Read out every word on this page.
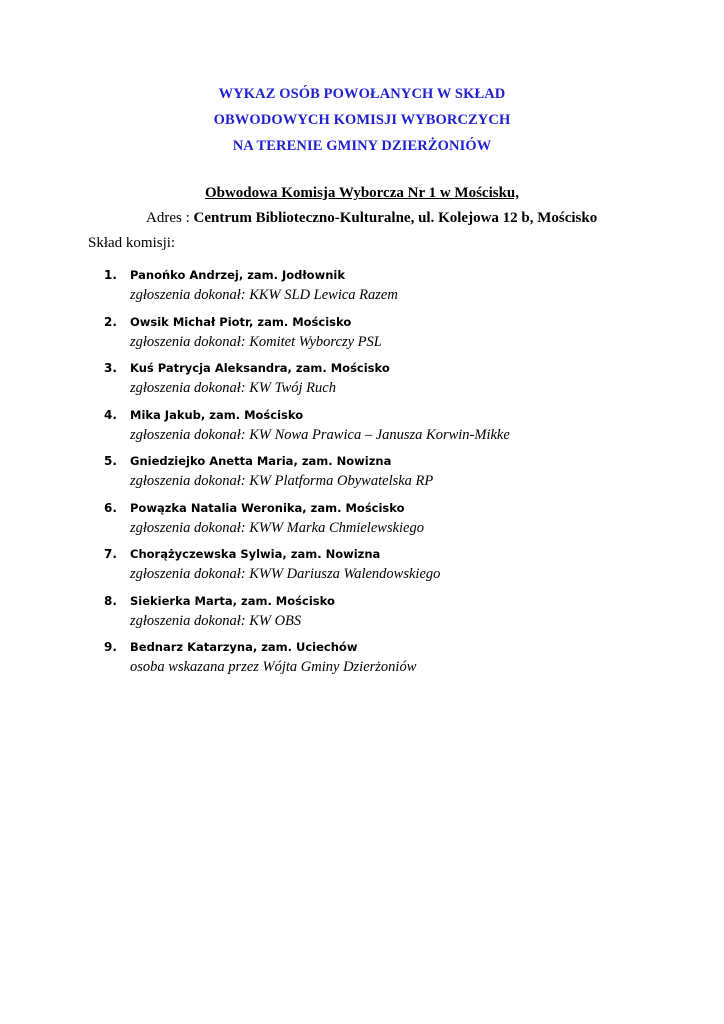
WYKAZ OSÓB POWOŁANYCH W SKŁAD
OBWODOWYCH KOMISJI WYBORCZYCH
NA TERENIE GMINY DZIERŻONIÓW
Obwodowa Komisja Wyborcza Nr 1 w Mościsku,
Adres : Centrum Biblioteczno-Kulturalne, ul. Kolejowa 12 b, Mościsko
Skład komisji:
1.	Panońko Andrzej, zam. Jodłownik
zgłoszenia dokonał: KKW SLD Lewica Razem
2.	Owsik Michał Piotr, zam. Mościsko
zgłoszenia dokonał: Komitet Wyborczy PSL
3.	Kuś Patrycja Aleksandra, zam. Mościsko
zgłoszenia dokonał: KW Twój Ruch
4.	Mika Jakub, zam. Mościsko
zgłoszenia dokonał: KW Nowa Prawica – Janusza Korwin-Mikke
5.	Gniedziejko Anetta Maria, zam. Nowizna
zgłoszenia dokonał: KW Platforma Obywatelska RP
6.	Powązka Natalia Weronika, zam. Mościsko
zgłoszenia dokonał: KWW Marka Chmielewskiego
7.	Chorążyczewska Sylwia, zam. Nowizna
zgłoszenia dokonał: KWW Dariusza Walendowskiego
8.	Siekierka Marta, zam. Mościsko
zgłoszenia dokonał: KW OBS
9.	Bednarz Katarzyna, zam. Uciechów
osoba wskazana przez Wójta Gminy Dzierżoniów
